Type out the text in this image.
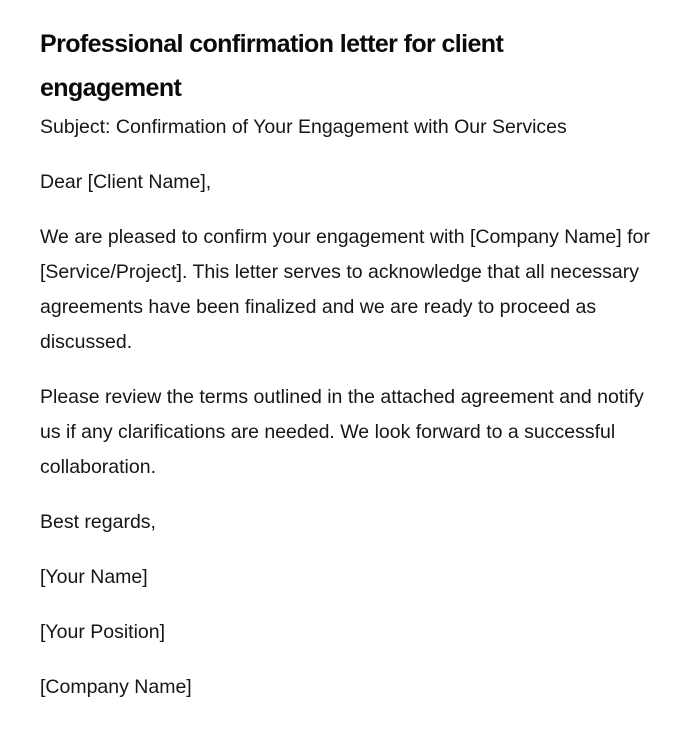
Professional confirmation letter for client engagement

Subject: Confirmation of Your Engagement with Our Services

Dear [Client Name],

We are pleased to confirm your engagement with [Company Name] for [Service/Project]. This letter serves to acknowledge that all necessary agreements have been finalized and we are ready to proceed as discussed.

Please review the terms outlined in the attached agreement and notify us if any clarifications are needed. We look forward to a successful collaboration.

Best regards,

[Your Name]

[Your Position]

[Company Name]
